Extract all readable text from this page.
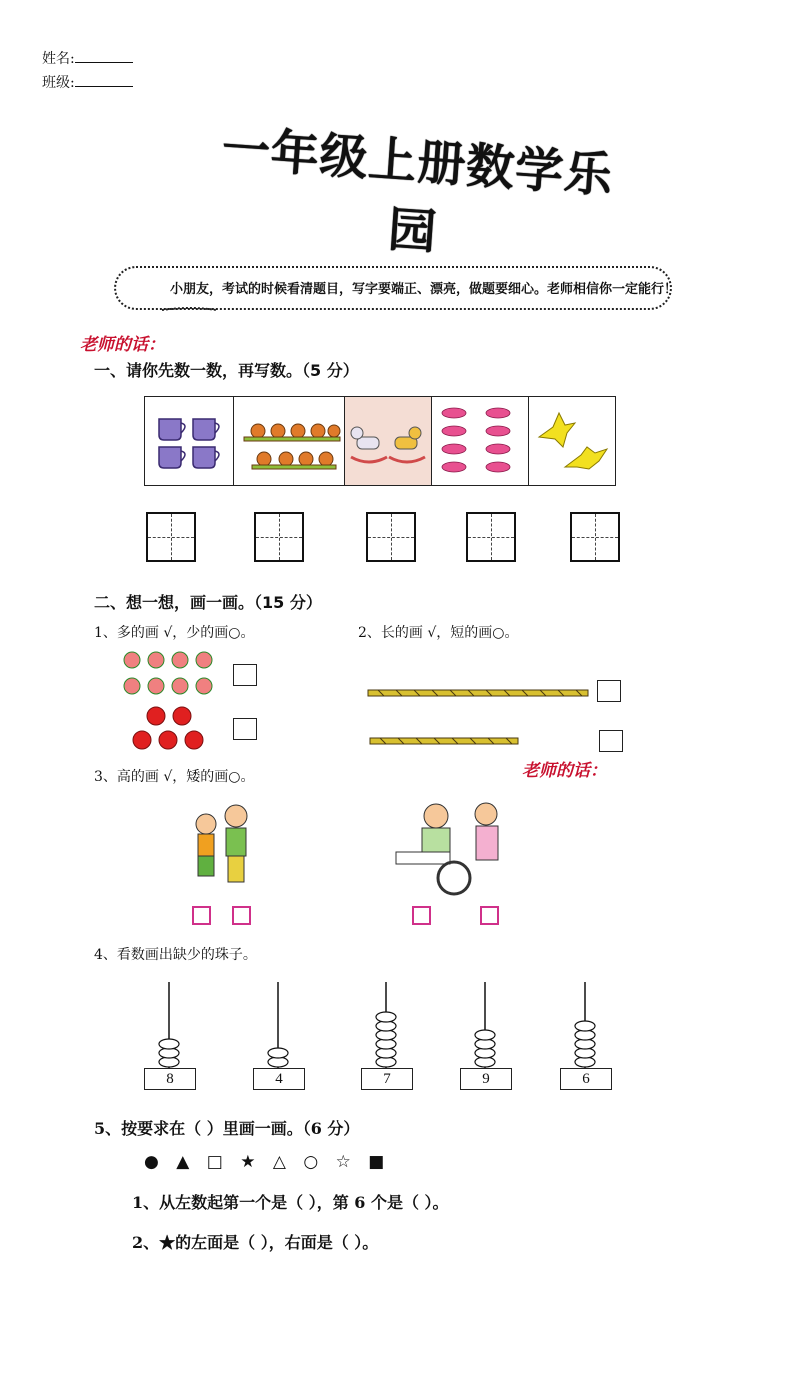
姓名:
班级:
一年级上册数学乐园
小朋友，考试的时候看清题目，写字要端正、漂亮，做题要细心。老师相信你一定能行！
老师的话：
一、请你先数一数，再写数。（5 分）
二、想一想，画一画。（15 分）
1、多的画 √，少的画○。	2、长的画 √，短的画○。
老师的话：
3、高的画 √，矮的画○。
4、看数画出缺少的珠子。
8	4	7	9	6
5、按要求在（ ）里画一画。（6 分）
● ▲ □ ★ △ ○ ☆ ■
1、从左数起第一个是（ ），第 6 个是（ ）。
2、★的左面是（ ），右面是（ ）。
